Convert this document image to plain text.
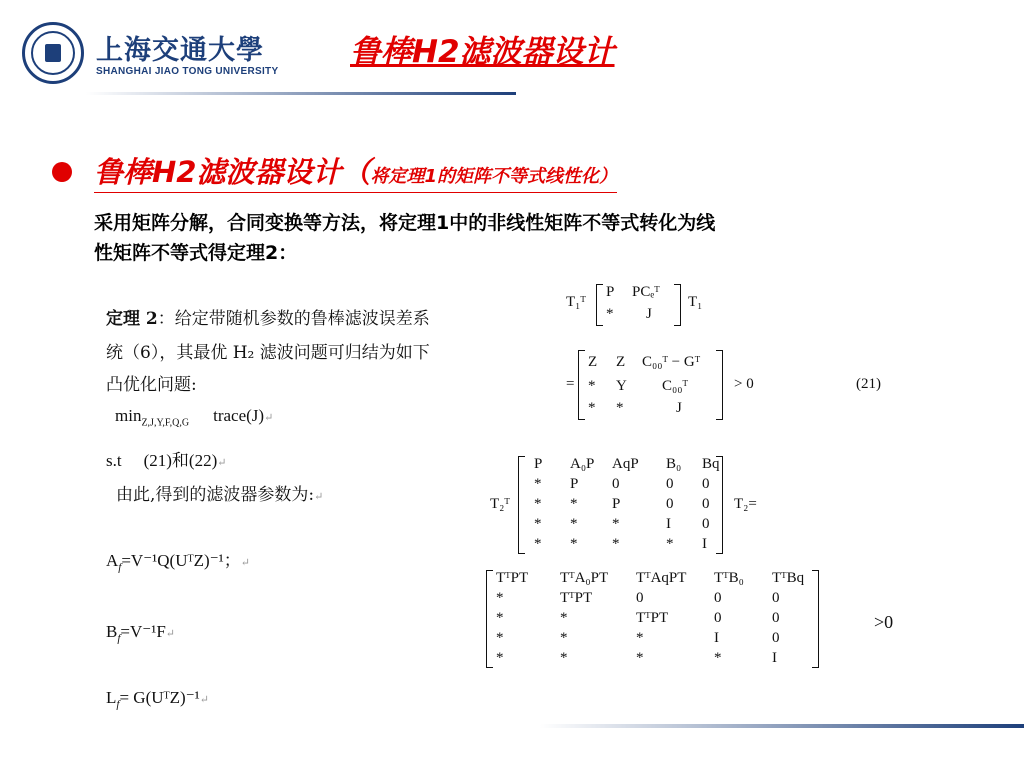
上海交通大學
SHANGHAI JIAO TONG UNIVERSITY
鲁棒H2滤波器设计
鲁棒H2滤波器设计（将定理1的矩阵不等式线性化）
采用矩阵分解，合同变换等方法，将定理1中的非线性矩阵不等式转化为线
性矩阵不等式得定理2：
定理 2：给定带随机参数的鲁棒滤波误差系
统（6），其最优 H₂ 滤波问题可归结为如下
凸优化问题:
$\min_{Z,J,Y,F,Q,G}$ trace(J)↵
s.t (21)和(22)↵
由此,得到的滤波器参数为:↵
$A_f=V^{-1}Q(UᵀZ)^{-1}$；↵
$B_f=V^{-1}F↵$
$L_f=$ G(UᵀZ)⁻¹↵
T₁ᵀ
P PCₑᵀ
* J
T₁
=
Z Z C₀₀ᵀ − Gᵀ
* Y C₀₀ᵀ
* *	J
> 0	(21)
T₂ᵀ
P A₀P AqP B₀ Bq
* P 0	0 0
* * P	0 0
* * *	I 0
* * *	* I
T₂=
TᵀPT TᵀA₀PT TᵀAqPT TᵀB₀ TᵀBq
*	TᵀPT	0	0	0
*	*	TᵀPT	0	0
*	*	*	I	0
*	*	*	*	I
>0
